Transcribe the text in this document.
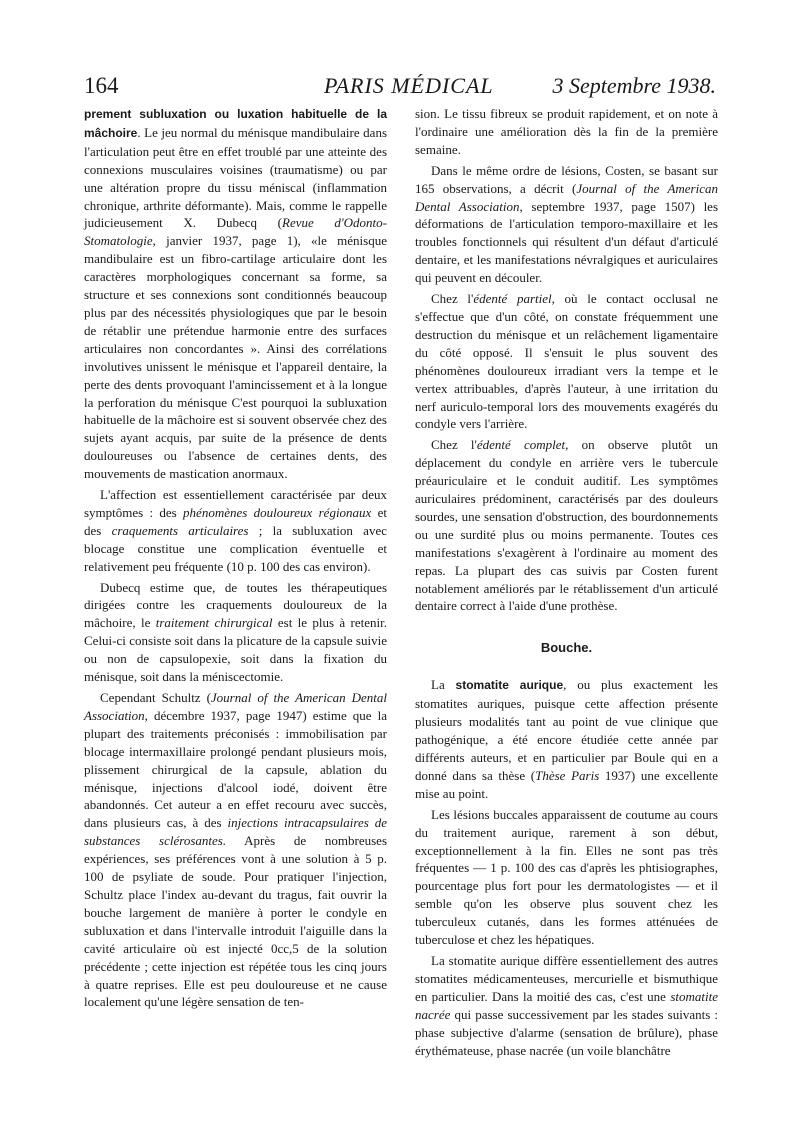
164	PARIS MÉDICAL	3 Septembre 1938.

prement subluxation ou luxation habituelle de la mâchoire. Le jeu normal du ménisque mandibulaire dans l'articulation peut être en effet troublé par une atteinte des connexions musculaires voisines (traumatisme) ou par une altération propre du tissu méniscal (inflammation chronique, arthrite déformante). Mais, comme le rappelle judicieusement X. Dubecq (Revue d'Odonto-Stomatologie, janvier 1937, page 1), «le ménisque mandibulaire est un fibro-cartilage articulaire dont les caractères morphologiques concernant sa forme, sa structure et ses connexions sont conditionnés beaucoup plus par des nécessités physiologiques que par le besoin de rétablir une prétendue harmonie entre des surfaces articulaires non concordantes ». Ainsi des corrélations involutives unissent le ménisque et l'appareil dentaire, la perte des dents provoquant l'amincissement et à la longue la perforation du ménisque C'est pourquoi la subluxation habituelle de la mâchoire est si souvent observée chez des sujets ayant acquis, par suite de la présence de dents douloureuses ou l'absence de certaines dents, des mouvements de mastication anormaux.

L'affection est essentiellement caractérisée par deux symptômes : des phénomènes douloureux régionaux et des craquements articulaires ; la subluxation avec blocage constitue une complication éventuelle et relativement peu fréquente (10 p. 100 des cas environ).

Dubecq estime que, de toutes les thérapeutiques dirigées contre les craquements douloureux de la mâchoire, le traitement chirurgical est le plus à retenir. Celui-ci consiste soit dans la plicature de la capsule suivie ou non de capsulopexie, soit dans la fixation du ménisque, soit dans la méniscectomie.

Cependant Schultz (Journal of the American Dental Association, décembre 1937, page 1947) estime que la plupart des traitements préconisés : immobilisation par blocage intermaxillaire prolongé pendant plusieurs mois, plissement chirurgical de la capsule, ablation du ménisque, injections d'alcool iodé, doivent être abandonnés. Cet auteur a en effet recouru avec succès, dans plusieurs cas, à des injections intracapsulaires de substances sclérosantes. Après de nombreuses expériences, ses préférences vont à une solution à 5 p. 100 de psyliate de soude. Pour pratiquer l'injection, Schultz place l'index au-devant du tragus, fait ouvrir la bouche largement de manière à porter le condyle en subluxation et dans l'intervalle introduit l'aiguille dans la cavité articulaire où est injecté 0cc,5 de la solution précédente ; cette injection est répétée tous les cinq jours à quatre reprises. Elle est peu douloureuse et ne cause localement qu'une légère sensation de ten-

sion. Le tissu fibreux se produit rapidement, et on note à l'ordinaire une amélioration dès la fin de la première semaine.

Dans le même ordre de lésions, Costen, se basant sur 165 observations, a décrit (Journal of the American Dental Association, septembre 1937, page 1507) les déformations de l'articulation temporo-maxillaire et les troubles fonctionnels qui résultent d'un défaut d'articulé dentaire, et les manifestations névralgiques et auriculaires qui peuvent en découler.

Chez l'édenté partiel, où le contact occlusal ne s'effectue que d'un côté, on constate fréquemment une destruction du ménisque et un relâchement ligamentaire du côté opposé. Il s'ensuit le plus souvent des phénomènes douloureux irradiant vers la tempe et le vertex attribuables, d'après l'auteur, à une irritation du nerf auriculo-temporal lors des mouvements exagérés du condyle vers l'arrière.

Chez l'édenté complet, on observe plutôt un déplacement du condyle en arrière vers le tubercule préauriculaire et le conduit auditif. Les symptômes auriculaires prédominent, caractérisés par des douleurs sourdes, une sensation d'obstruction, des bourdonnements ou une surdité plus ou moins permanente. Toutes ces manifestations s'exagèrent à l'ordinaire au moment des repas. La plupart des cas suivis par Costen furent notablement améliorés par le rétablissement d'un articulé dentaire correct à l'aide d'une prothèse.

Bouche.

La stomatite aurique, ou plus exactement les stomatites auriques, puisque cette affection présente plusieurs modalités tant au point de vue clinique que pathogénique, a été encore étudiée cette année par différents auteurs, et en particulier par Boule qui en a donné dans sa thèse (Thèse Paris 1937) une excellente mise au point.

Les lésions buccales apparaissent de coutume au cours du traitement aurique, rarement à son début, exceptionnellement à la fin. Elles ne sont pas très fréquentes — 1 p. 100 des cas d'après les phtisiographes, pourcentage plus fort pour les dermatologistes — et il semble qu'on les observe plus souvent chez les tuberculeux cutanés, dans les formes atténuées de tuberculose et chez les hépatiques.

La stomatite aurique diffère essentiellement des autres stomatites médicamenteuses, mercurielle et bismuthique en particulier. Dans la moitié des cas, c'est une stomatite nacrée qui passe successivement par les stades suivants : phase subjective d'alarme (sensation de brûlure), phase érythémateuse, phase nacrée (un voile blanchâtre
